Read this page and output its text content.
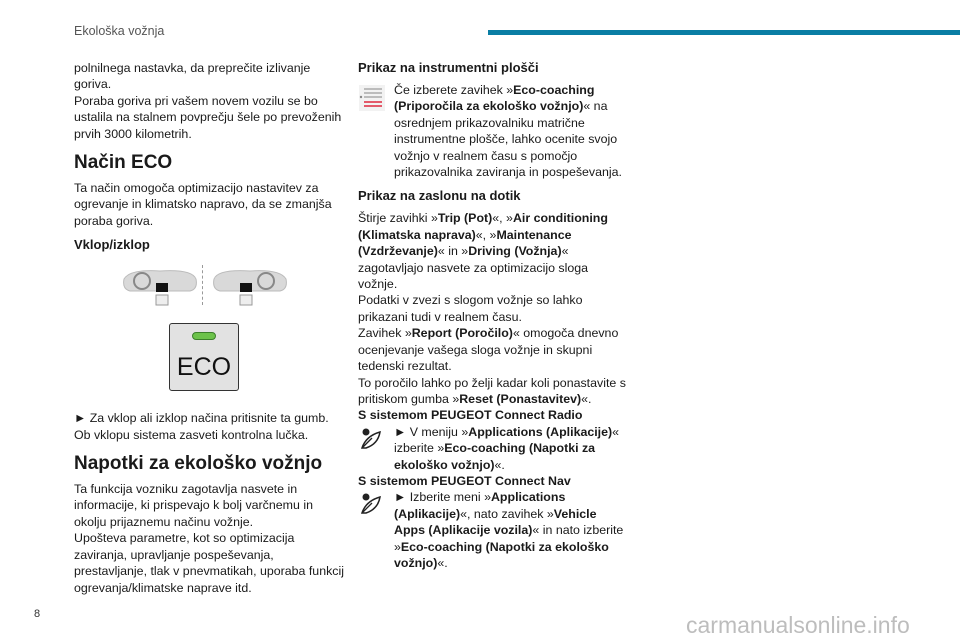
Ekološka vožnja

polnilnega nastavka, da preprečite izlivanje goriva.

Poraba goriva pri vašem novem vozilu se bo ustalila na stalnem povprečju šele po prevoženih prvih 3000 kilometrih.

Način ECO

Ta način omogoča optimizacijo nastavitev za ogrevanje in klimatsko napravo, da se zmanjša poraba goriva.

Vklop/izklop
ECO

► Za vklop ali izklop načina pritisnite ta gumb.

Ob vklopu sistema zasveti kontrolna lučka.

Napotki za ekološko vožnjo

Ta funkcija vozniku zagotavlja nasvete in informacije, ki prispevajo k bolj varčnemu in okolju prijaznemu načinu vožnje.

Upošteva parametre, kot so optimizacija zaviranja, upravljanje pospeševanja, prestavljanje, tlak v pnevmatikah, uporaba funkcij ogrevanja/klimatske naprave itd.

Prikaz na instrumentni plošči
Če izberete zavihek »Eco-coaching (Priporočila za ekološko vožnjo)« na osrednjem prikazovalniku matrične instrumentne plošče, lahko ocenite svojo vožnjo v realnem času s pomočjo prikazovalnika zaviranja in pospeševanja.
Prikaz na zaslonu na dotik

Štirje zavihki »Trip (Pot)«, »Air conditioning (Klimatska naprava)«, »Maintenance (Vzdrževanje)« in »Driving (Vožnja)« zagotavljajo nasvete za optimizacijo sloga vožnje.

Podatki v zvezi s slogom vožnje so lahko prikazani tudi v realnem času.

Zavihek »Report (Poročilo)« omogoča dnevno ocenjevanje vašega sloga vožnje in skupni tedenski rezultat.

To poročilo lahko po želji kadar koli ponastavite s pritiskom gumba »Reset (Ponastavitev)«.

S sistemom PEUGEOT Connect Radio

► V meniju »Applications (Aplikacije)« izberite »Eco-coaching (Napotki za ekološko vožnjo)«.

S sistemom PEUGEOT Connect Nav

► Izberite meni »Applications (Aplikacije)«, nato zavihek »Vehicle Apps (Aplikacije vozila)« in nato izberite »Eco-coaching (Napotki za ekološko vožnjo)«.
8	carmanualsonline.info
